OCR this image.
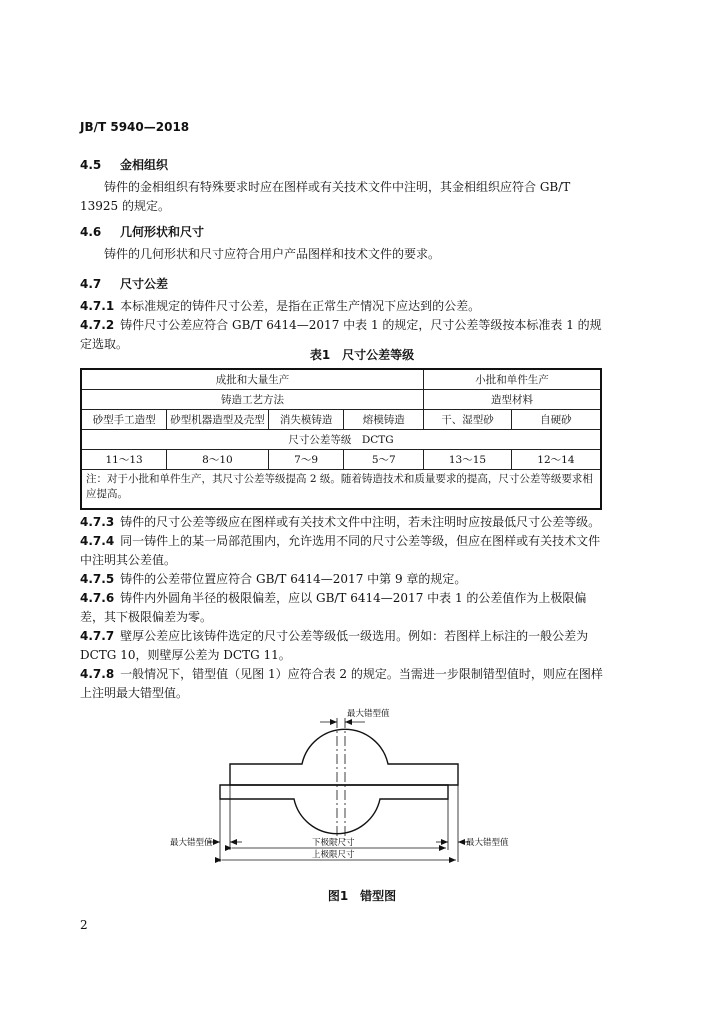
JB/T 5940—2018
4.5 金相组织
铸件的金相组织有特殊要求时应在图样或有关技术文件中注明，其金相组织应符合 GB/T 13925 的规定。
4.6 几何形状和尺寸
铸件的几何形状和尺寸应符合用户产品图样和技术文件的要求。
4.7 尺寸公差
4.7.1 本标准规定的铸件尺寸公差，是指在正常生产情况下应达到的公差。
4.7.2 铸件尺寸公差应符合 GB/T 6414—2017 中表 1 的规定，尺寸公差等级按本标准表 1 的规定选取。
表1　尺寸公差等级
成批和大量生产				小批和单件生产	
铸造工艺方法				造型材料	
砂型手工造型	砂型机器造型及壳型	消失模铸造	熔模铸造	干、湿型砂	自硬砂
尺寸公差等级　DCTG					
11～13	8～10	7～9	5～7	13～15	12～14
注：对于小批和单件生产，其尺寸公差等级提高 2 级。随着铸造技术和质量要求的提高，尺寸公差等级要求相应提高。					
4.7.3 铸件的尺寸公差等级应在图样或有关技术文件中注明，若未注明时应按最低尺寸公差等级。
4.7.4 同一铸件上的某一局部范围内，允许选用不同的尺寸公差等级，但应在图样或有关技术文件中注明其公差值。
4.7.5 铸件的公差带位置应符合 GB/T 6414—2017 中第 9 章的规定。
4.7.6 铸件内外圆角半径的极限偏差，应以 GB/T 6414—2017 中表 1 的公差值作为上极限偏差，其下极限偏差为零。
4.7.7 壁厚公差应比该铸件选定的尺寸公差等级低一级选用。例如：若图样上标注的一般公差为 DCTG 10，则壁厚公差为 DCTG 11。
4.7.8 一般情况下，错型值（见图 1）应符合表 2 的规定。当需进一步限制错型值时，则应在图样上注明最大错型值。
最大错型值
最大错型值	最大错型值
下极限尺寸
上极限尺寸
图1　错型图
2
